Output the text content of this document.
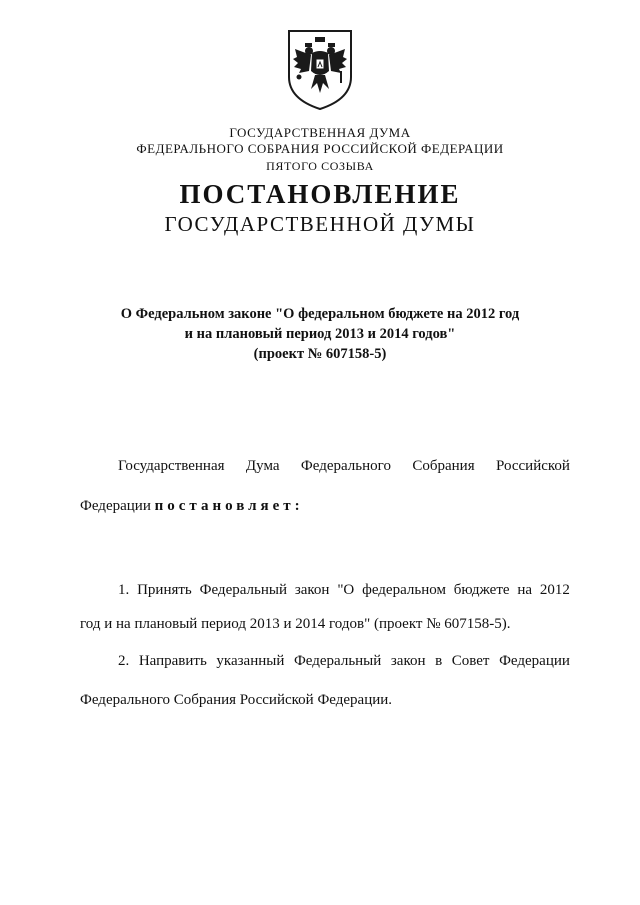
ГОСУДАРСТВЕННАЯ ДУМА
ФЕДЕРАЛЬНОГО СОБРАНИЯ РОССИЙСКОЙ ФЕДЕРАЦИИ
ПЯТОГО СОЗЫВА
ПОСТАНОВЛЕНИЕ
ГОСУДАРСТВЕННОЙ ДУМЫ
О Федеральном законе "О федеральном бюджете на 2012 год
и на плановый период 2013 и 2014 годов"
(проект № 607158-5)
Государственная Дума Федерального Собрания Российской
Федерации постановляет:
1. Принять Федеральный закон "О федеральном бюджете на 2012
год и на плановый период 2013 и 2014 годов" (проект № 607158-5).
2. Направить указанный Федеральный закон в Совет Федерации
Федерального Собрания Российской Федерации.
